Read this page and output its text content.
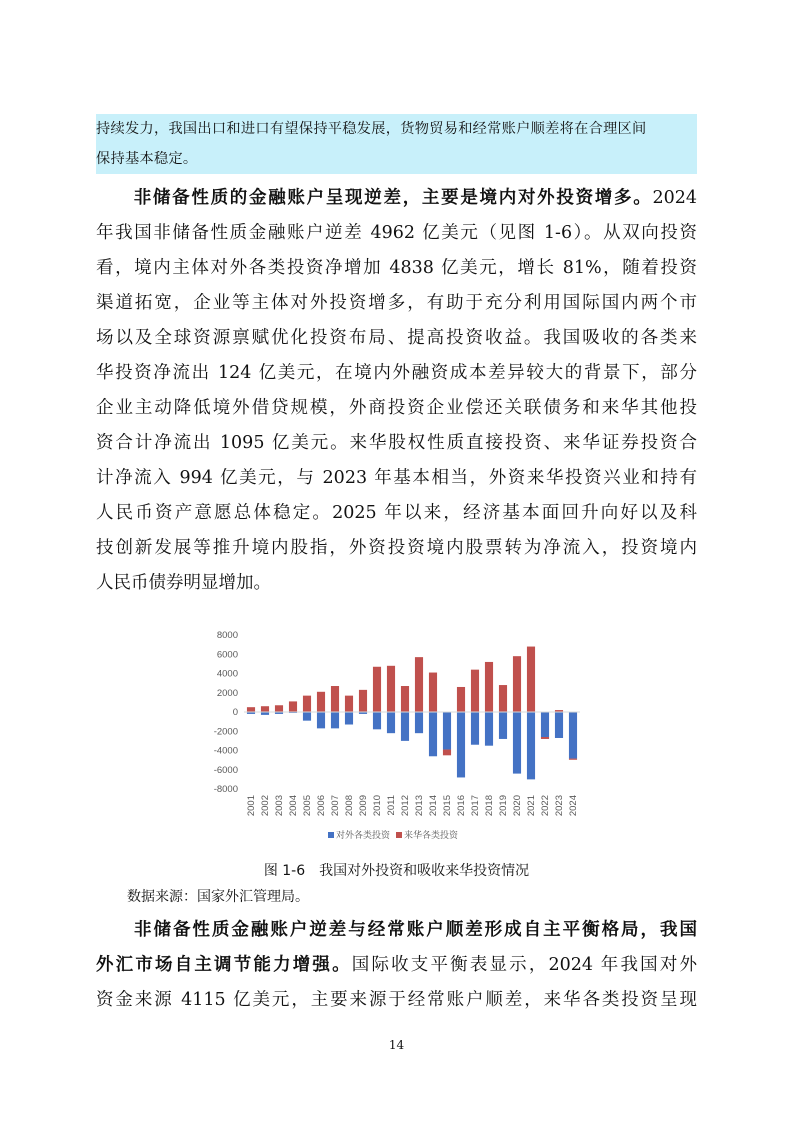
持续发力，我国出口和进口有望保持平稳发展，货物贸易和经常账户顺差将在合理区间
保持基本稳定。
非储备性质的金融账户呈现逆差，主要是境内对外投资增多。2024
年我国非储备性质金融账户逆差 4962 亿美元（见图 1-6）。从双向投资
看，境内主体对外各类投资净增加 4838 亿美元，增长 81%，随着投资
渠道拓宽，企业等主体对外投资增多，有助于充分利用国际国内两个市
场以及全球资源禀赋优化投资布局、提高投资收益。我国吸收的各类来
华投资净流出 124 亿美元，在境内外融资成本差异较大的背景下，部分
企业主动降低境外借贷规模，外商投资企业偿还关联债务和来华其他投
资合计净流出 1095 亿美元。来华股权性质直接投资、来华证券投资合
计净流入 994 亿美元，与 2023 年基本相当，外资来华投资兴业和持有
人民币资产意愿总体稳定。2025 年以来，经济基本面回升向好以及科
技创新发展等推升境内股指，外资投资境内股票转为净流入，投资境内
人民币债券明显增加。
8000
6000
4000
2000
0
-2000
-4000
-6000
-8000
2001 2002 2003 2004 2005 2006 2007 2008 2009 2010 2011 2012 2013 2014 2015 2016 2017 2018 2019 2020 2021 2022 2023 2024
对外各类投资 来华各类投资
图 1-6　我国对外投资和吸收来华投资情况
数据来源：国家外汇管理局。
非储备性质金融账户逆差与经常账户顺差形成自主平衡格局，我国
外汇市场自主调节能力增强。国际收支平衡表显示，2024 年我国对外
资金来源 4115 亿美元，主要来源于经常账户顺差，来华各类投资呈现
14
